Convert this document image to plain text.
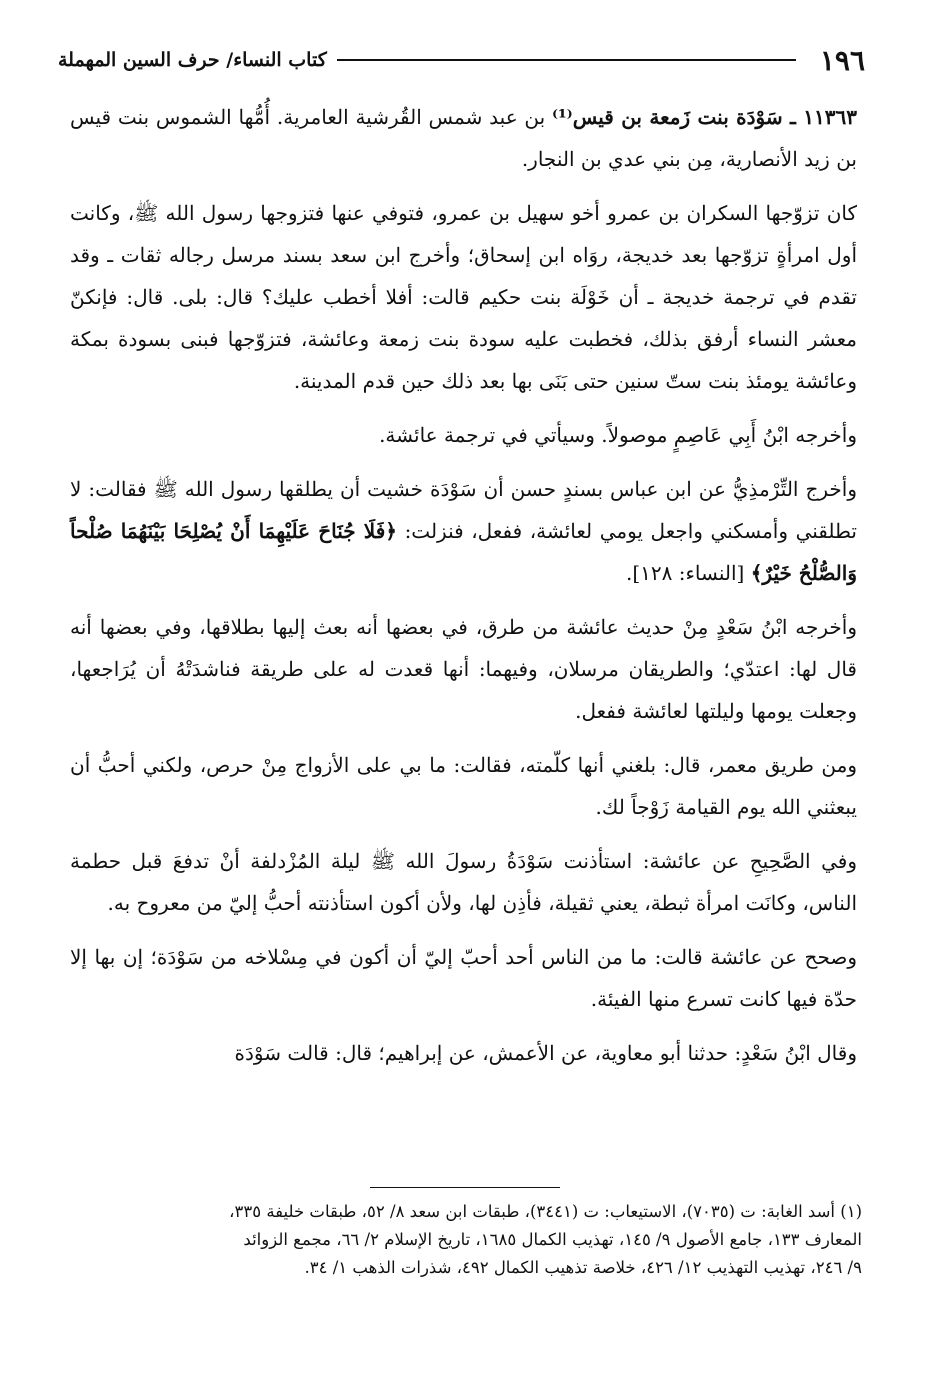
١٩٦
كتاب النساء/ حرف السين المهملة

١١٣٦٣ ـ سَوْدَة بنت زَمعة بن قيس⁽¹⁾ بن عبد شمس القُرشية العامرية. أُمُّها الشموس بنت قيس بن زيد الأنصارية، مِن بني عدي بن النجار.

كان تزوّجها السكران بن عمرو أخو سهيل بن عمرو، فتوفي عنها فتزوجها رسول الله ﷺ، وكانت أول امرأةٍ تزوّجها بعد خديجة، روَاه ابن إسحاق؛ وأخرج ابن سعد بسند مرسل رجاله ثقات ـ وقد تقدم في ترجمة خديجة ـ أن خَوْلَة بنت حكيم قالت: أفلا أخطب عليك؟ قال: بلى. قال: فإنكنّ معشر النساء أرفق بذلك، فخطبت عليه سودة بنت زمعة وعائشة، فتزوّجها فبنى بسودة بمكة وعائشة يومئذ بنت ستّ سنين حتى بَنَى بها بعد ذلك حين قدم المدينة.

وأخرجه ابْنُ أَبِي عَاصِمٍ موصولاً. وسيأتي في ترجمة عائشة.

وأخرج التِّرْمذِيُّ عن ابن عباس بسندٍ حسن أن سَوْدَة خشيت أن يطلقها رسول الله ﷺ فقالت: لا تطلقني وأمسكني واجعل يومي لعائشة، ففعل، فنزلت: ﴿فَلَا جُنَاحَ عَلَيْهِمَا أَنْ يُصْلِحَا بَيْنَهُمَا صُلْحاً وَالصُّلْحُ خَيْرٌ﴾ [النساء: ١٢٨].

وأخرجه ابْنُ سَعْدٍ مِنْ حديث عائشة من طرق، في بعضها أنه بعث إليها بطلاقها، وفي بعضها أنه قال لها: اعتدّي؛ والطريقان مرسلان، وفيهما: أنها قعدت له على طريقة فناشدَتْهُ أن يُرَاجعها، وجعلت يومها وليلتها لعائشة ففعل.

ومن طريق معمر، قال: بلغني أنها كلّمته، فقالت: ما بي على الأزواج مِنْ حرص، ولكني أحبُّ أن يبعثني الله يوم القيامة زَوْجاً لك.

وفي الصَّحِيحِ عن عائشة: استأذنت سَوْدَةُ رسولَ الله ﷺ ليلة المُزْدلفة أنْ تدفعَ قبل حطمة الناس، وكانَت امرأة ثبطة، يعني ثقيلة، فأذِن لها، ولأن أكون استأذنته أحبُّ إليّ من معروح به.

وصحح عن عائشة قالت: ما من الناس أحد أحبّ إليّ أن أكون في مِسْلاخه من سَوْدَة؛ إن بها إلا حدّة فيها كانت تسرع منها الفيئة.

وقال ابْنُ سَعْدٍ: حدثنا أبو معاوية، عن الأعمش، عن إبراهيم؛ قال: قالت سَوْدَة

(١) أسد الغابة: ت (٧٠٣٥)، الاستيعاب: ت (٣٤٤١)، طبقات ابن سعد ٨/ ٥٢، طبقات خليفة ٣٣٥،

المعارف ١٣٣، جامع الأصول ٩/ ١٤٥، تهذيب الكمال ١٦٨٥، تاريخ الإسلام ٢/ ٦٦، مجمع الزوائد

٩/ ٢٤٦، تهذيب التهذيب ١٢/ ٤٢٦، خلاصة تذهيب الكمال ٤٩٢، شذرات الذهب ١/ ٣٤.
